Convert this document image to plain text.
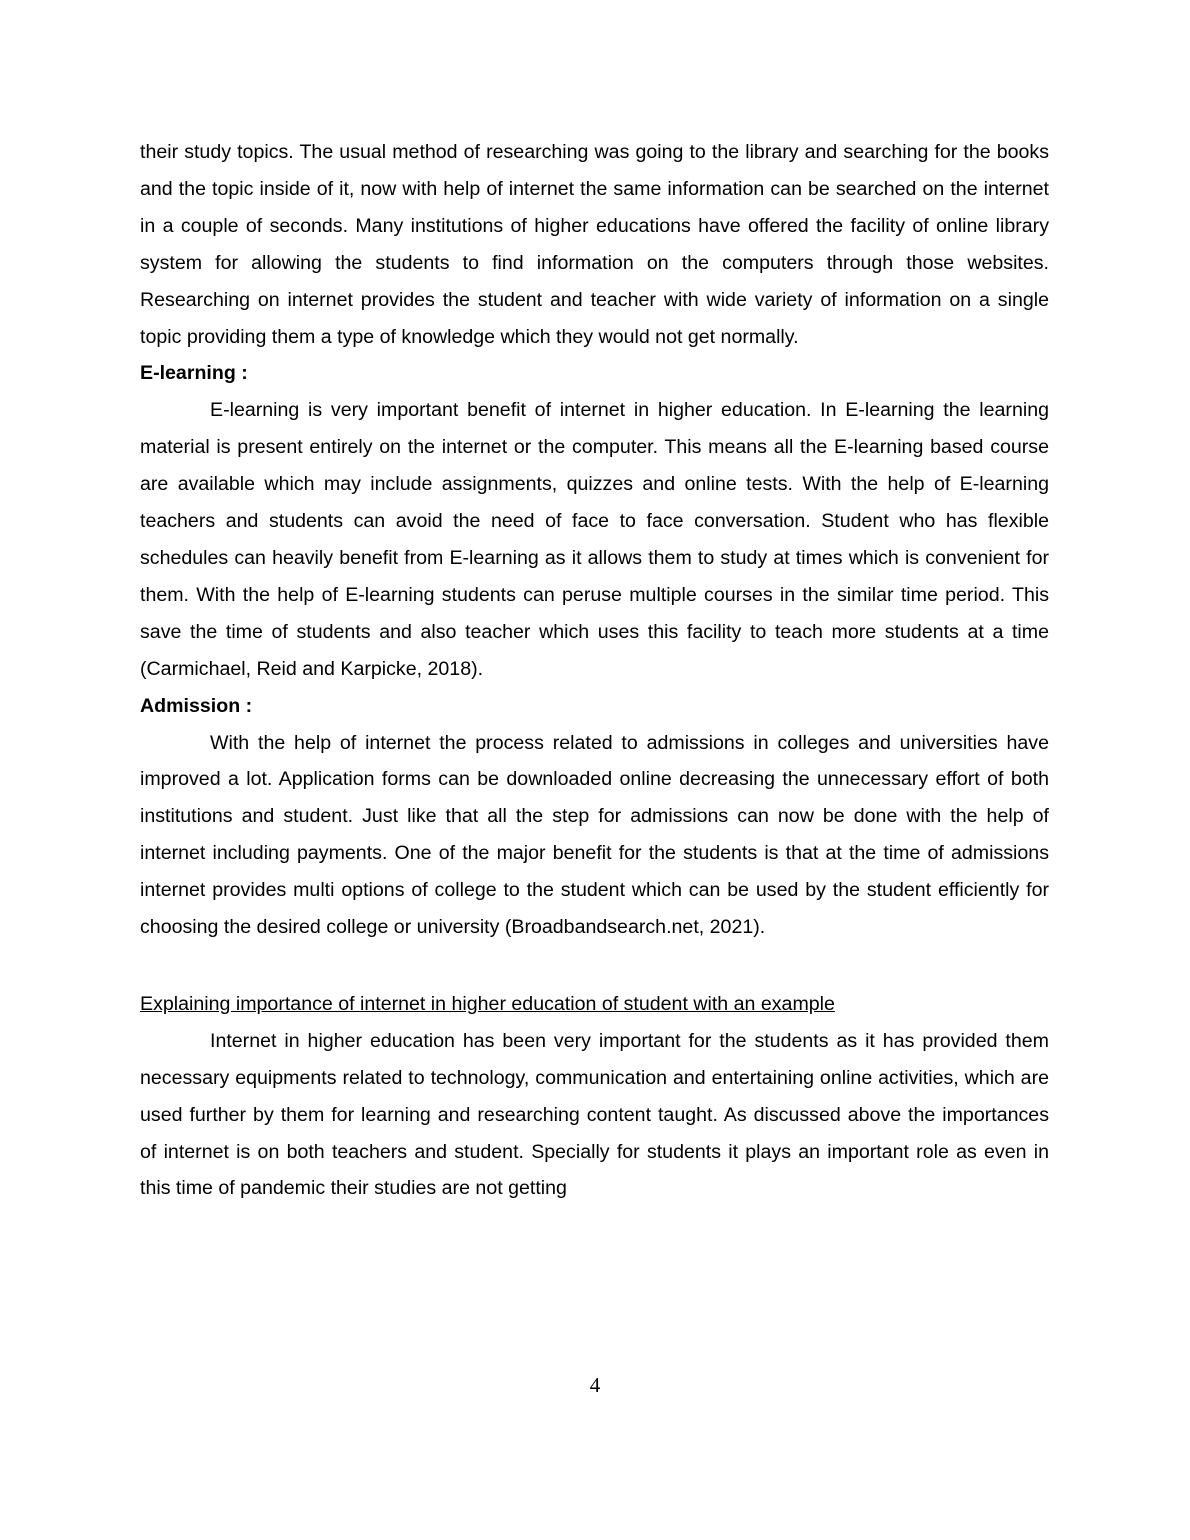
their study topics. The usual method of researching was going to the library and searching for the books and the topic inside of it, now with help of internet the same information can be searched on the internet in a couple of seconds. Many institutions of higher educations have offered the facility of online library system for allowing the students to find information on the computers through those websites. Researching on internet provides the student and teacher with wide variety of information on a single topic providing them a type of knowledge which they would not get normally.

E-learning :

E-learning is very important benefit of internet in higher education. In E-learning the learning material is present entirely on the internet or the computer. This means all the E-learning based course are available which may include assignments, quizzes and online tests. With the help of E-learning teachers and students can avoid the need of face to face conversation. Student who has flexible schedules can heavily benefit from E-learning as it allows them to study at times which is convenient for them. With the help of E-learning students can peruse multiple courses in the similar time period. This save the time of students and also teacher which uses this facility to teach more students at a time (Carmichael, Reid and Karpicke, 2018).

Admission :

With the help of internet the process related to admissions in colleges and universities have improved a lot. Application forms can be downloaded online decreasing the unnecessary effort of both institutions and student. Just like that all the step for admissions can now be done with the help of internet including payments. One of the major benefit for the students is that at the time of admissions internet provides multi options of college to the student which can be used by the student efficiently for choosing the desired college or university (Broadbandsearch.net, 2021).

Explaining importance of internet in higher education of student with an example

Internet in higher education has been very important for the students as it has provided them necessary equipments related to technology, communication and entertaining online activities, which are used further by them for learning and researching content taught. As discussed above the importances of internet is on both teachers and student. Specially for students it plays an important role as even in this time of pandemic their studies are not getting

4
